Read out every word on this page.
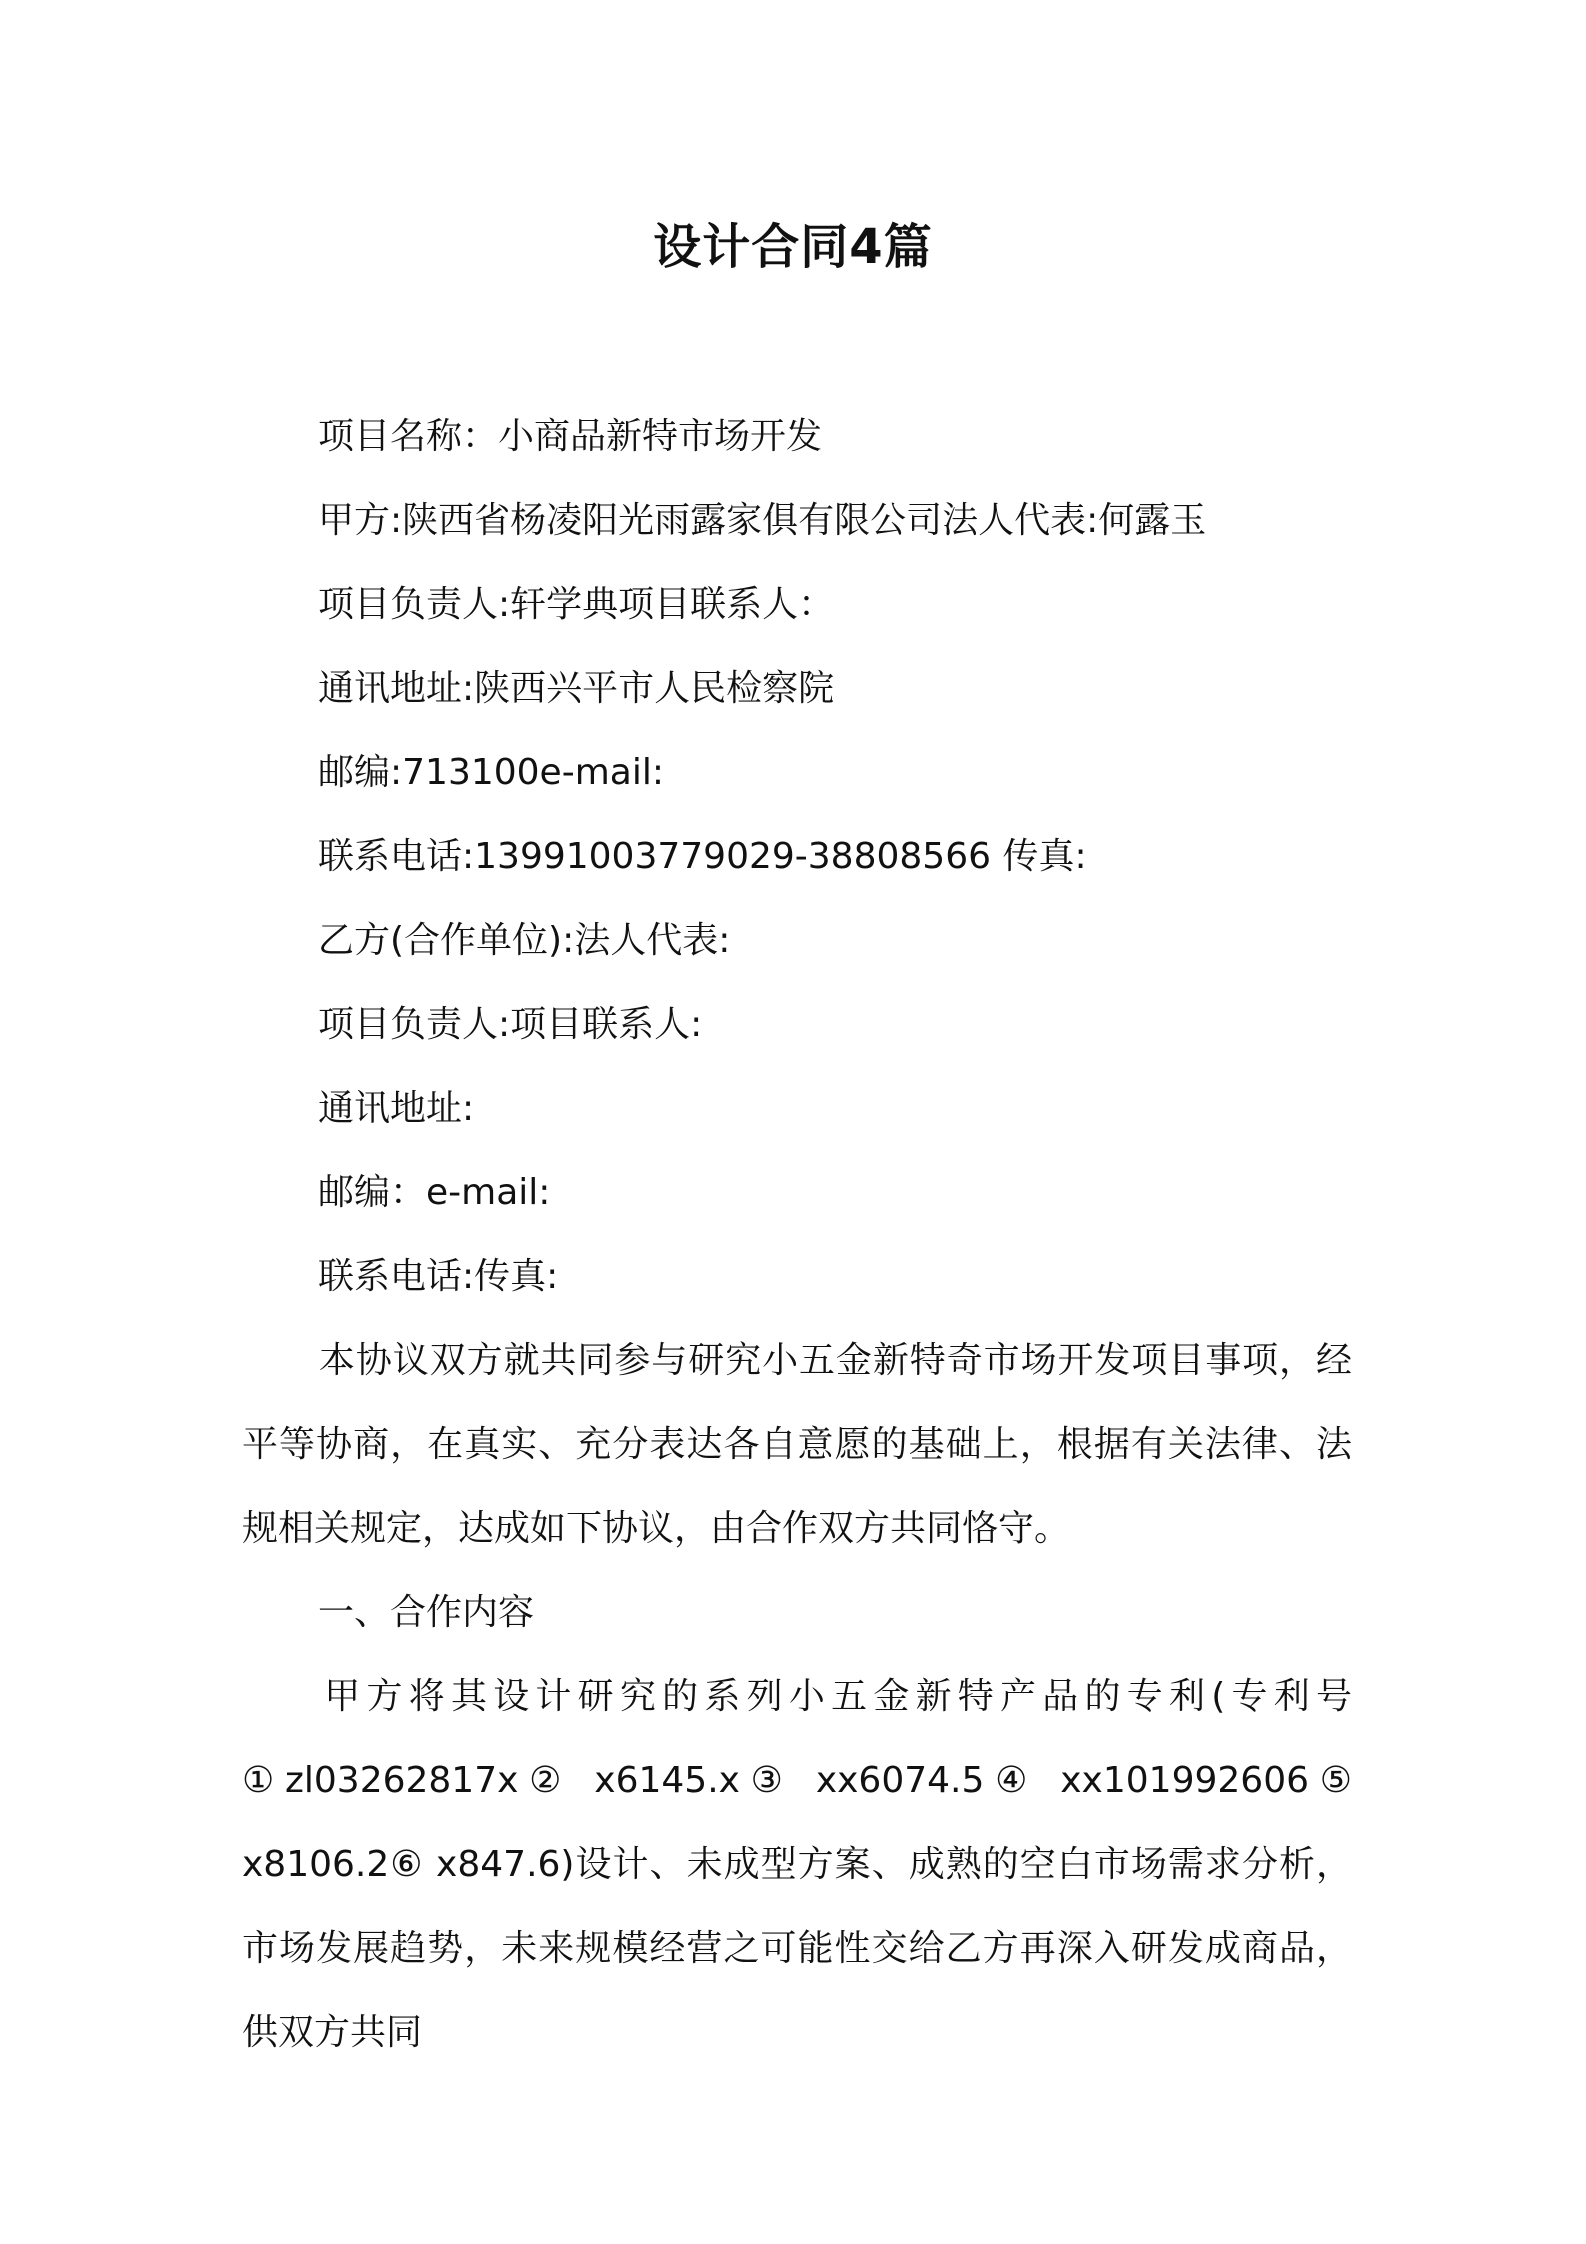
设计合同4篇
项目名称：小商品新特市场开发
甲方:陕西省杨凌阳光雨露家俱有限公司法人代表:何露玉
项目负责人:轩学典项目联系人：
通讯地址:陕西兴平市人民检察院
邮编:713100e-mail:
联系电话:13991003779029-38808566 传真:
乙方(合作单位):法人代表:
项目负责人:项目联系人:
通讯地址:
邮编：e-mail:
联系电话:传真:
本协议双方就共同参与研究小五金新特奇市场开发项目事项，经平等协商，在真实、充分表达各自意愿的基础上，根据有关法律、法规相关规定，达成如下协议，由合作双方共同恪守。
一、合作内容
甲方将其设计研究的系列小五金新特产品的专利(专利号①zl03262817x② x6145.x③ xx6074.5④ xx101992606⑤ x8106.2⑥ x847.6)设计、未成型方案、成熟的空白市场需求分析，市场发展趋势，未来规模经营之可能性交给乙方再深入研发成商品，供双方共同
